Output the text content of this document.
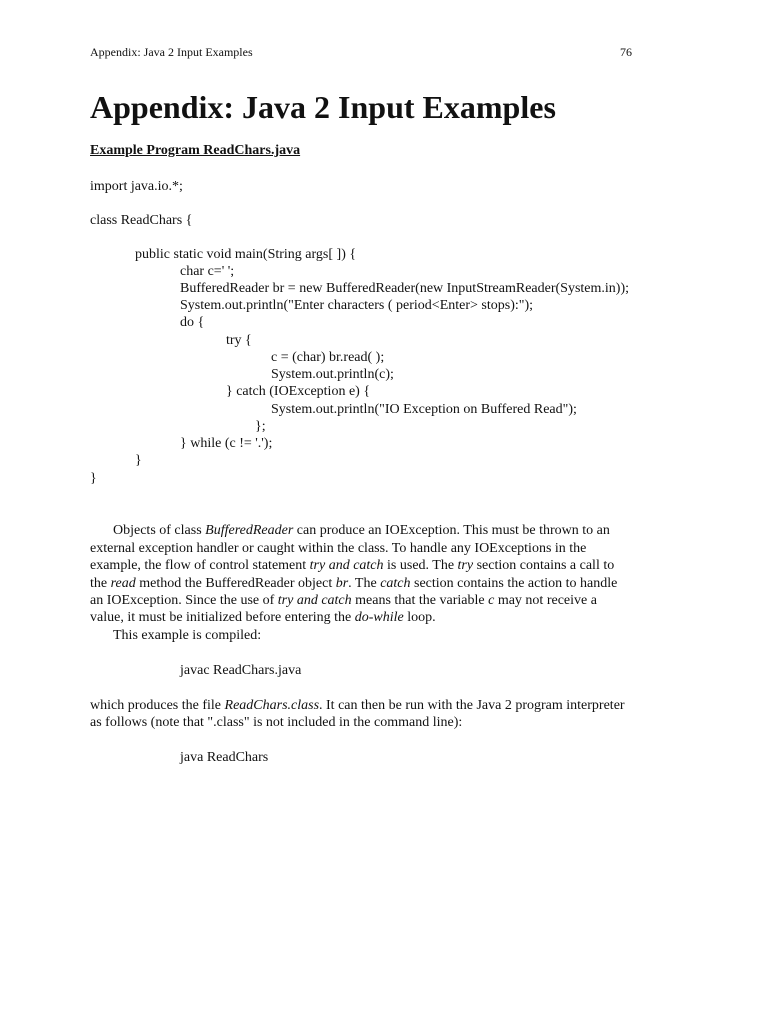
Appendix: Java 2 Input Examples	76
Appendix: Java 2 Input Examples
Example Program ReadChars.java
import java.io.*;
class ReadChars {
public static void main(String args[ ]) {
char c=' ';
BufferedReader br = new BufferedReader(new InputStreamReader(System.in));
System.out.println("Enter characters ( period<Enter> stops):");
do {
try {
c = (char) br.read( );
System.out.println(c);
} catch (IOException e) {
System.out.println("IO Exception on Buffered Read");
};
} while (c != '.');
}
}
Objects of class BufferedReader can produce an IOException. This must be thrown to an
external exception handler or caught within the class. To handle any IOExceptions in the
example, the flow of control statement try and catch is used. The try section contains a call to
the read method the BufferedReader object br. The catch section contains the action to handle
an IOException. Since the use of try and catch means that the variable c may not receive a
value, it must be initialized before entering the do-while loop.
This example is compiled:
javac ReadChars.java
which produces the file ReadChars.class. It can then be run with the Java 2 program interpreter
as follows (note that ".class" is not included in the command line):
java ReadChars
